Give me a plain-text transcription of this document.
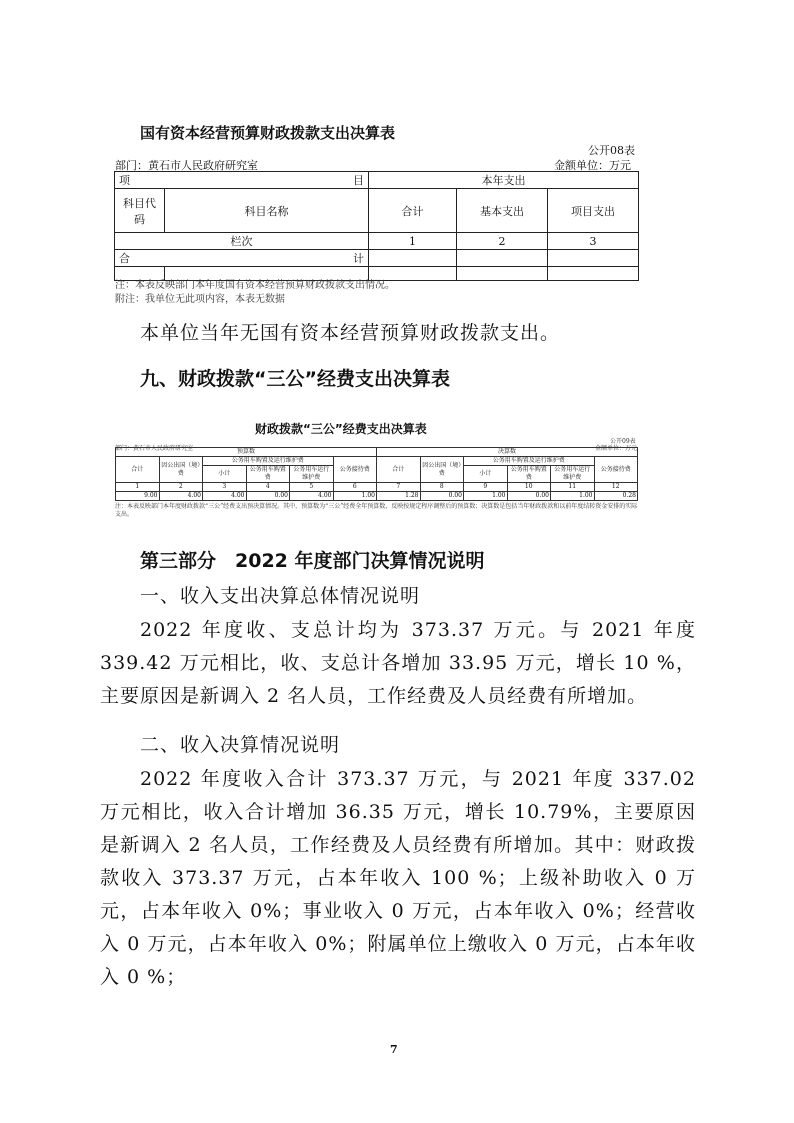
国有资本经营预算财政拨款支出决算表
公开08表
部门：黄石市人民政府研究室	金额单位：万元
项 目		本年支出		
科目代码	科目名称	合计	基本支出	项目支出
栏次		1	2	3
合 计				

注：本表反映部门本年度国有资本经营预算财政拨款支出情况。
附注：我单位无此项内容，本表无数据
本单位当年无国有资本经营预算财政拨款支出。
九、财政拨款“三公”经费支出决算表
财政拨款“三公”经费支出决算表
公开09表
部门：黄石市人民政府研究室	金额单位：万元
预算数						决算数					
合计	因公出国（境）费	公务用车购置及运行维护费			公务接待费	合计	因公出国（境）费	公务用车购置及运行维护费			公务接待费
		小计	公务用车购置费	公务用车运行维护费				小计	公务用车购置费	公务用车运行维护费	
1	2	3	4	5	6	7	8	9	10	11	12
9.00	4.00	4.00	0.00	4.00	1.00	1.28	0.00	1.00	0.00	1.00	0.28
注：本表反映部门本年度财政拨款“三公”经费支出预决算情况。其中，预算数为“三公”经费全年预算数，反映按规定程序调整后的预算数；决算数是包括当年财政拨款和以前年度结转资金安排的实际支出。
第三部分　2022 年度部门决算情况说明
一、收入支出决算总体情况说明
2022 年度收、支总计均为 373.37 万元。与 2021 年度 339.42 万元相比，收、支总计各增加 33.95 万元，增长 10 %，主要原因是新调入 2 名人员，工作经费及人员经费有所增加。
二、收入决算情况说明
2022 年度收入合计 373.37 万元，与 2021 年度 337.02 万元相比，收入合计增加 36.35 万元，增长 10.79%，主要原因是新调入 2 名人员，工作经费及人员经费有所增加。其中：财政拨款收入 373.37 万元，占本年收入 100 %；上级补助收入 0 万元，占本年收入 0%；事业收入 0 万元，占本年收入 0%；经营收入 0 万元，占本年收入 0%；附属单位上缴收入 0 万元，占本年收入 0 %；
7
